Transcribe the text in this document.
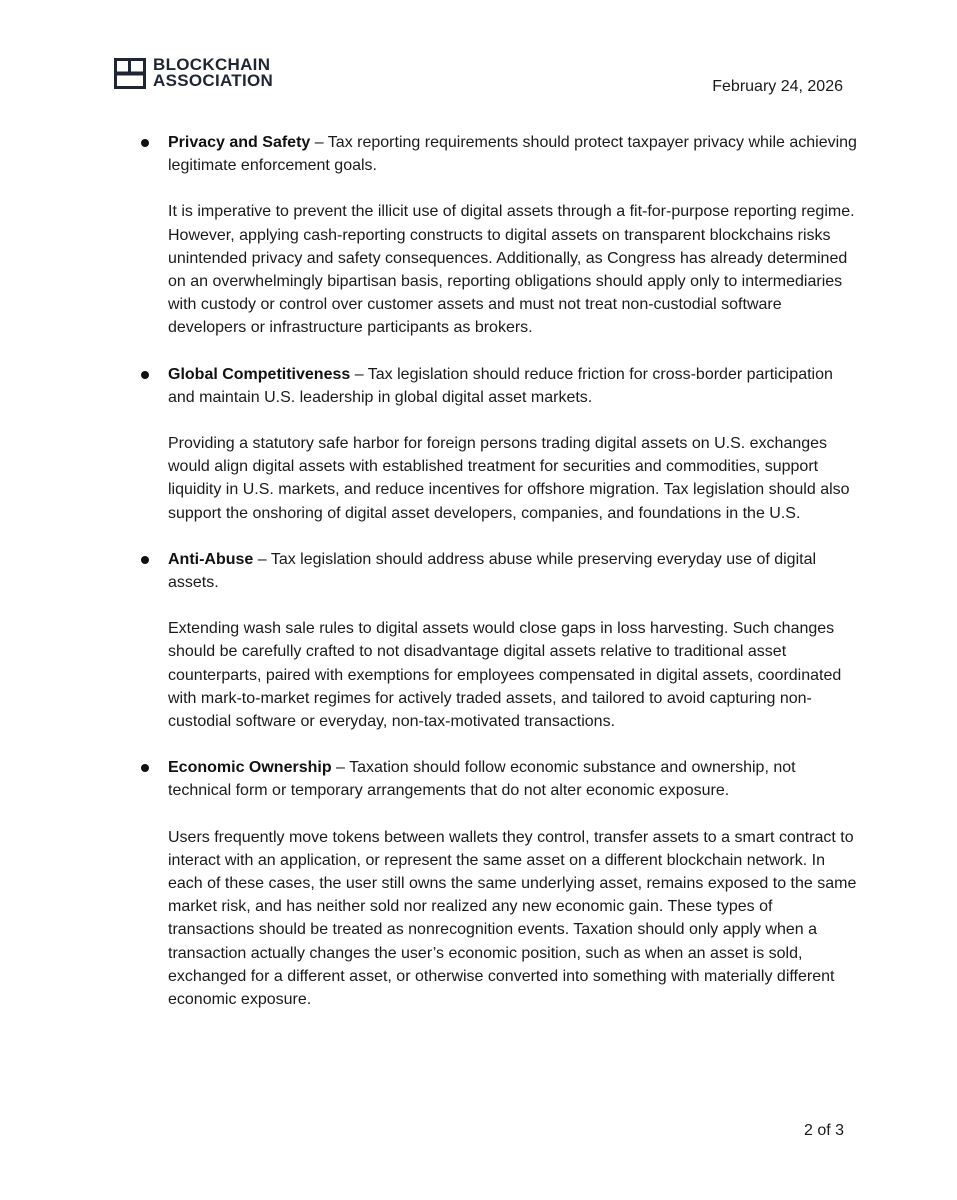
BLOCKCHAIN
ASSOCIATION	February 24, 2026

Privacy and Safety – Tax reporting requirements should protect taxpayer privacy while achieving legitimate enforcement goals.

It is imperative to prevent the illicit use of digital assets through a fit-for-purpose reporting regime. However, applying cash-reporting constructs to digital assets on transparent blockchains risks unintended privacy and safety consequences. Additionally, as Congress has already determined on an overwhelmingly bipartisan basis, reporting obligations should apply only to intermediaries with custody or control over customer assets and must not treat non-custodial software developers or infrastructure participants as brokers.

Global Competitiveness – Tax legislation should reduce friction for cross-border participation and maintain U.S. leadership in global digital asset markets.

Providing a statutory safe harbor for foreign persons trading digital assets on U.S. exchanges would align digital assets with established treatment for securities and commodities, support liquidity in U.S. markets, and reduce incentives for offshore migration. Tax legislation should also support the onshoring of digital asset developers, companies, and foundations in the U.S.

Anti-Abuse – Tax legislation should address abuse while preserving everyday use of digital assets.

Extending wash sale rules to digital assets would close gaps in loss harvesting. Such changes should be carefully crafted to not disadvantage digital assets relative to traditional asset counterparts, paired with exemptions for employees compensated in digital assets, coordinated with mark-to-market regimes for actively traded assets, and tailored to avoid capturing non-custodial software or everyday, non-tax-motivated transactions.

Economic Ownership – Taxation should follow economic substance and ownership, not technical form or temporary arrangements that do not alter economic exposure.

Users frequently move tokens between wallets they control, transfer assets to a smart contract to interact with an application, or represent the same asset on a different blockchain network. In each of these cases, the user still owns the same underlying asset, remains exposed to the same market risk, and has neither sold nor realized any new economic gain. These types of transactions should be treated as nonrecognition events. Taxation should only apply when a transaction actually changes the user’s economic position, such as when an asset is sold, exchanged for a different asset, or otherwise converted into something with materially different economic exposure.

2 of 3
